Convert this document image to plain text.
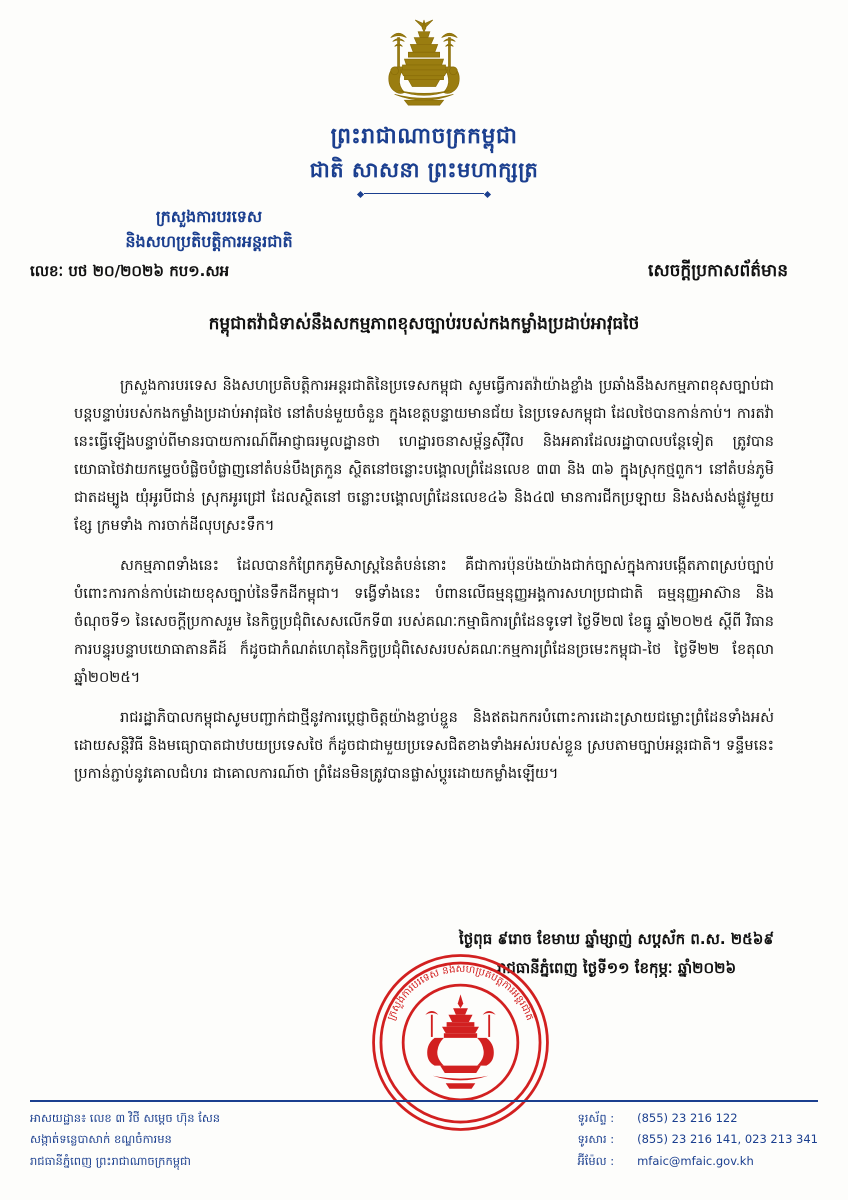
ព្រះរាជាណាចក្រកម្ពុជា
ជាតិ សាសនា ព្រះមហាក្សត្រ
ក្រសួងការបរទេស
និងសហប្រតិបត្តិការអន្តរជាតិ
លេខៈ បថ ២០/២០២៦ កប១.សអ	សេចក្តីប្រកាសព័ត៌មាន
កម្ពុជាតវ៉ាជំទាស់នឹងសកម្មភាពខុសច្បាប់របស់កងកម្លាំងប្រដាប់អាវុធថៃ

ក្រសួងការបរទេស និងសហប្រតិបត្តិការអន្តរជាតិនៃប្រទេសកម្ពុជា សូមធ្វើការតវ៉ាយ៉ាងខ្លាំង ប្រឆាំងនឹងសកម្មភាពខុសច្បាប់ជាបន្តបន្ទាប់របស់កងកម្លាំងប្រដាប់អាវុធថៃ នៅតំបន់មួយចំនួន ក្នុងខេត្តបន្ទាយមានជ័យ នៃប្រទេសកម្ពុជា ដែលថៃបានកាន់កាប់។ ការតវ៉ានេះធ្វើឡើងបន្ទាប់ពីមានរបាយការណ៍ពីអាជ្ញាធរមូលដ្ឋានថា ហេដ្ឋារចនាសម្ព័ន្ធស៊ីវិល និងអគារដែលរដ្ឋាបាលបន្តែទៀត ត្រូវបានយោធាថៃវាយកម្ទេចបំផ្លិចបំផ្លាញនៅតំបន់បឹងត្រកួន ស្ថិតនៅចន្លោះបង្គោលព្រំដែនលេខ ៣៣ និង ៣៦ ក្នុងស្រុកថ្មពួក។ នៅតំបន់ភូមិជាតដម្បូង យុំអូរបីជាន់ ស្រុកអូរជ្រៅ ដែលស្ថិតនៅ ចន្លោះបង្គោលព្រំដែនលេខ៤៦ និង៤៧ មានការជីកប្រឡាយ និងសង់សង់ផ្លូវមួយខ្សែ ក្រមទាំង ការចាក់ដីលុបស្រះទឹក។

សកម្មភាពទាំងនេះ ដែលបានកំព្រែកភូមិសាស្ត្រនៃតំបន់នោះ គឺជាការប៉ុនប៉ងយ៉ាងជាក់ច្បាស់ក្នុងការបង្កើតភាពស្រប់ច្បាប់បំពោះការកាន់កាប់ដោយខុសច្បាប់នៃទឹកដីកម្ពុជា។ ទង្វើទាំងនេះ បំពានលើធម្មនុញ្ញអង្គការសហប្រជាជាតិ ធម្មនុញ្ញអាស៊ាន និងចំណុចទី១ នៃសេចក្តីប្រកាសរួម នៃកិច្ចប្រជុំពិសេសលើកទី៣ របស់គណៈកម្មាធិការព្រំដែនទូទៅ ថ្ងៃទី២៧ ខែធ្នូ ឆ្នាំ២០២៥ ស្តីពី វិធានការបន្ទុរបន្ទាបយោធាតានគឺដ៍ ក៏ដូចជាកំណត់ហេតុនៃកិច្ចប្រជុំពិសេសរបស់គណៈកម្មការព្រំដែនច្រមេះកម្ពុជា-ថៃ ថ្ងៃទី២២ ខែតុលា ឆ្នាំ២០២៥។

រាជរដ្ឋាភិបាលកម្ពុជាសូមបញ្ជាក់ជាថ្មីនូវការប្តេជ្ញាចិត្តយ៉ាងខ្ជាប់ខ្ជួន និងឥតឯកករបំពោះការដោះស្រាយជម្លោះព្រំដែនទាំងអស់ដោយសន្តិវិធី និងមធ្យោបាតជាឋបយប្រទេសថៃ ក៏ដូចជាជាមួយប្រទេសជិតខាងទាំងអស់របស់ខ្លួន ស្របតាមច្បាប់អន្តរជាតិ។ ទន្ទឹមនេះ ប្រកាន់ភ្ជាប់នូវគោលជំហរ ជាគោលការណ៍ថា ព្រំដែនមិនត្រូវបានផ្លាស់ប្តូរដោយកម្លាំងឡើយ។

ថ្ងៃពុធ ៩រោច ខែមាឃ ឆ្នាំម្សាញ់ សប្តស័ក ព.ស. ២៥៦៩
រាជធានីភ្នំពេញ ថ្ងៃទី១១ ខែកុម្ភៈ ឆ្នាំ២០២៦
ក្រសួងការបរទេស និងសហប្រតិបត្តិការអន្តរជាតិ
អាសយដ្ឋាន៖ លេខ ៣ វិថី សម្តេច ហ៊ុន សែន
សង្កាត់ទន្លេបាសាក់ ខណ្ឌចំការមន
រាជធានីភ្នំពេញ ព្រះរាជាណាចក្រកម្ពុជា
ទូរស័ព្ទ : (855) 23 216 122
ទូរសារ : (855) 23 216 141, 023 213 341
អ៊ីម៉ែល : mfaic@mfaic.gov.kh
